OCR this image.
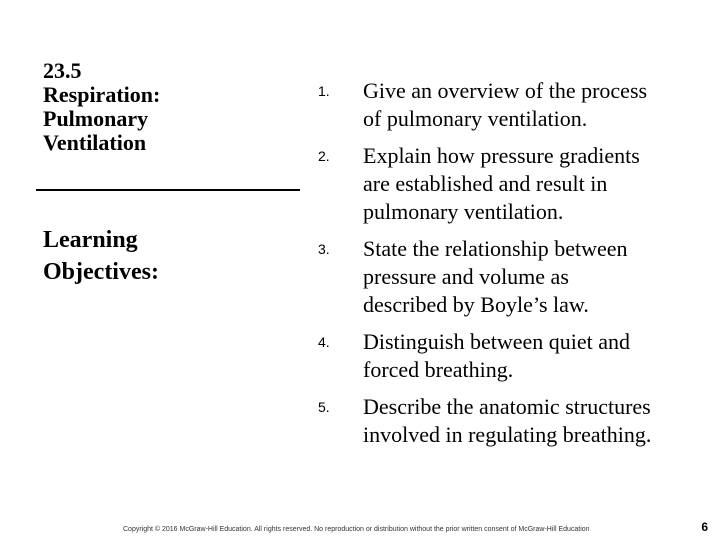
23.5
Respiration:
Pulmonary
Ventilation
Learning
Objectives:
1. Give an overview of the process
of pulmonary ventilation.
2. Explain how pressure gradients
are established and result in
pulmonary ventilation.
3. State the relationship between
pressure and volume as
described by Boyle’s law.
4. Distinguish between quiet and
forced breathing.
5. Describe the anatomic structures
involved in regulating breathing.
Copyright © 2016 McGraw-Hill Education. All rights reserved. No reproduction or distribution without the prior written consent of McGraw-Hill Education	6
